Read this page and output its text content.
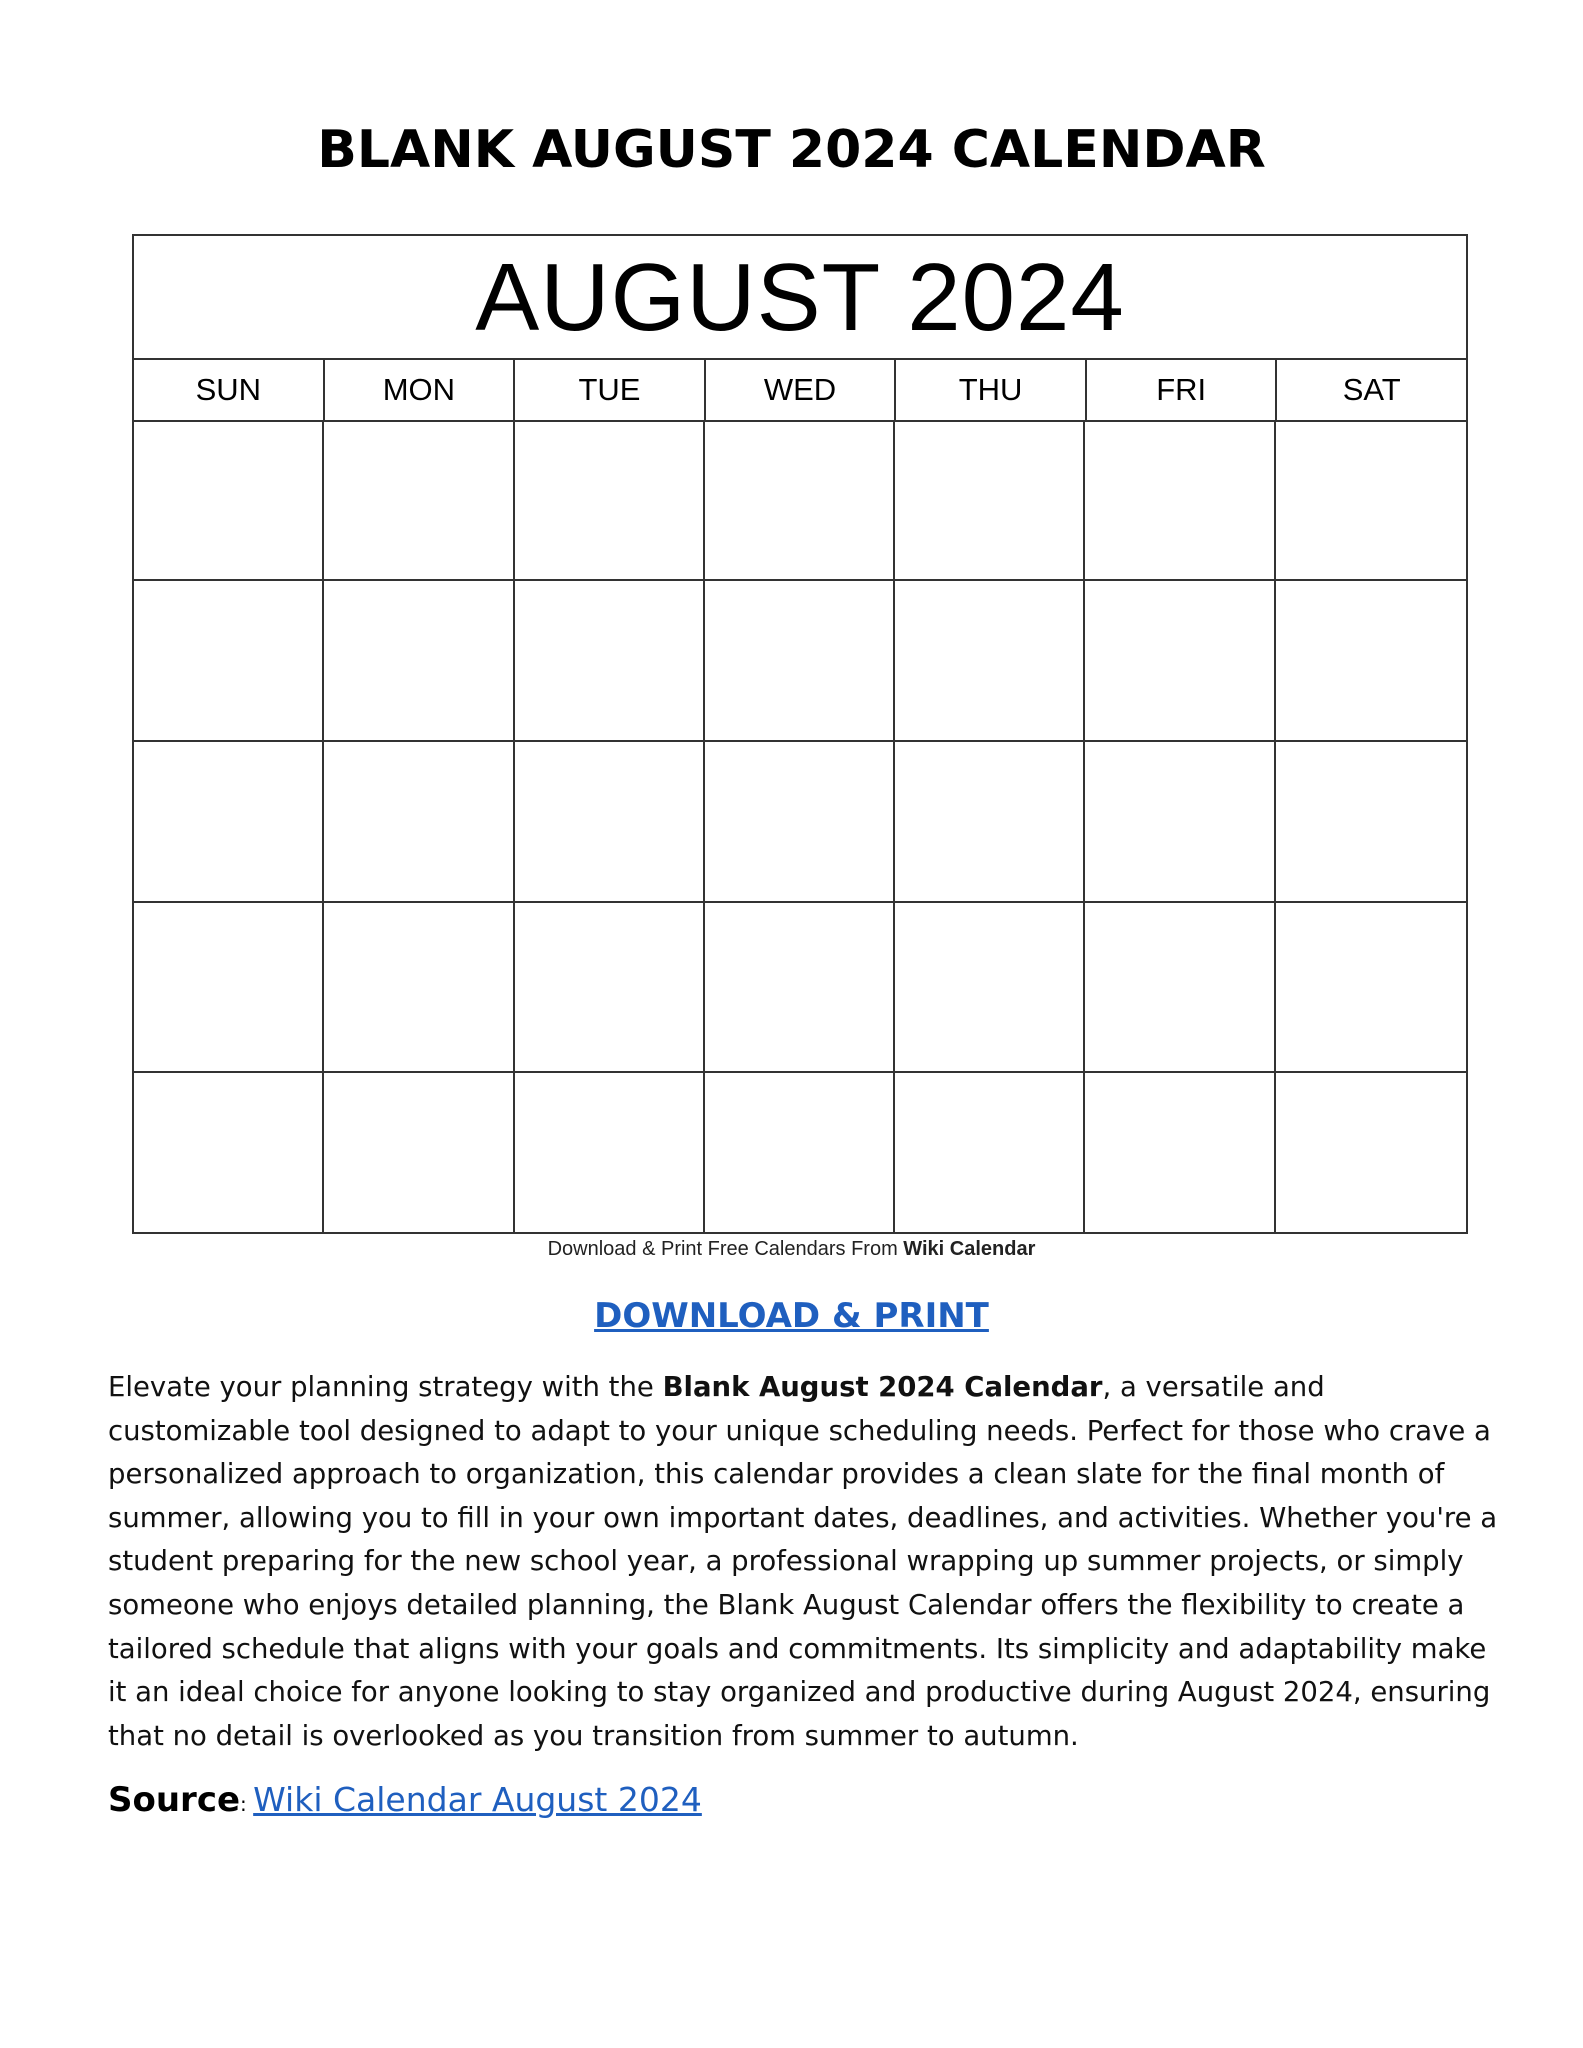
BLANK AUGUST 2024 CALENDAR
AUGUST 2024
SUN	MON	TUE	WED	THU	FRI	SAT
Download & Print Free Calendars From Wiki Calendar
DOWNLOAD & PRINT
Elevate your planning strategy with the Blank August 2024 Calendar, a versatile and customizable tool designed to adapt to your unique scheduling needs. Perfect for those who crave a personalized approach to organization, this calendar provides a clean slate for the final month of summer, allowing you to fill in your own important dates, deadlines, and activities. Whether you're a student preparing for the new school year, a professional wrapping up summer projects, or simply someone who enjoys detailed planning, the Blank August Calendar offers the flexibility to create a tailored schedule that aligns with your goals and commitments. Its simplicity and adaptability make it an ideal choice for anyone looking to stay organized and productive during August 2024, ensuring that no detail is overlooked as you transition from summer to autumn.
Source: Wiki Calendar August 2024
